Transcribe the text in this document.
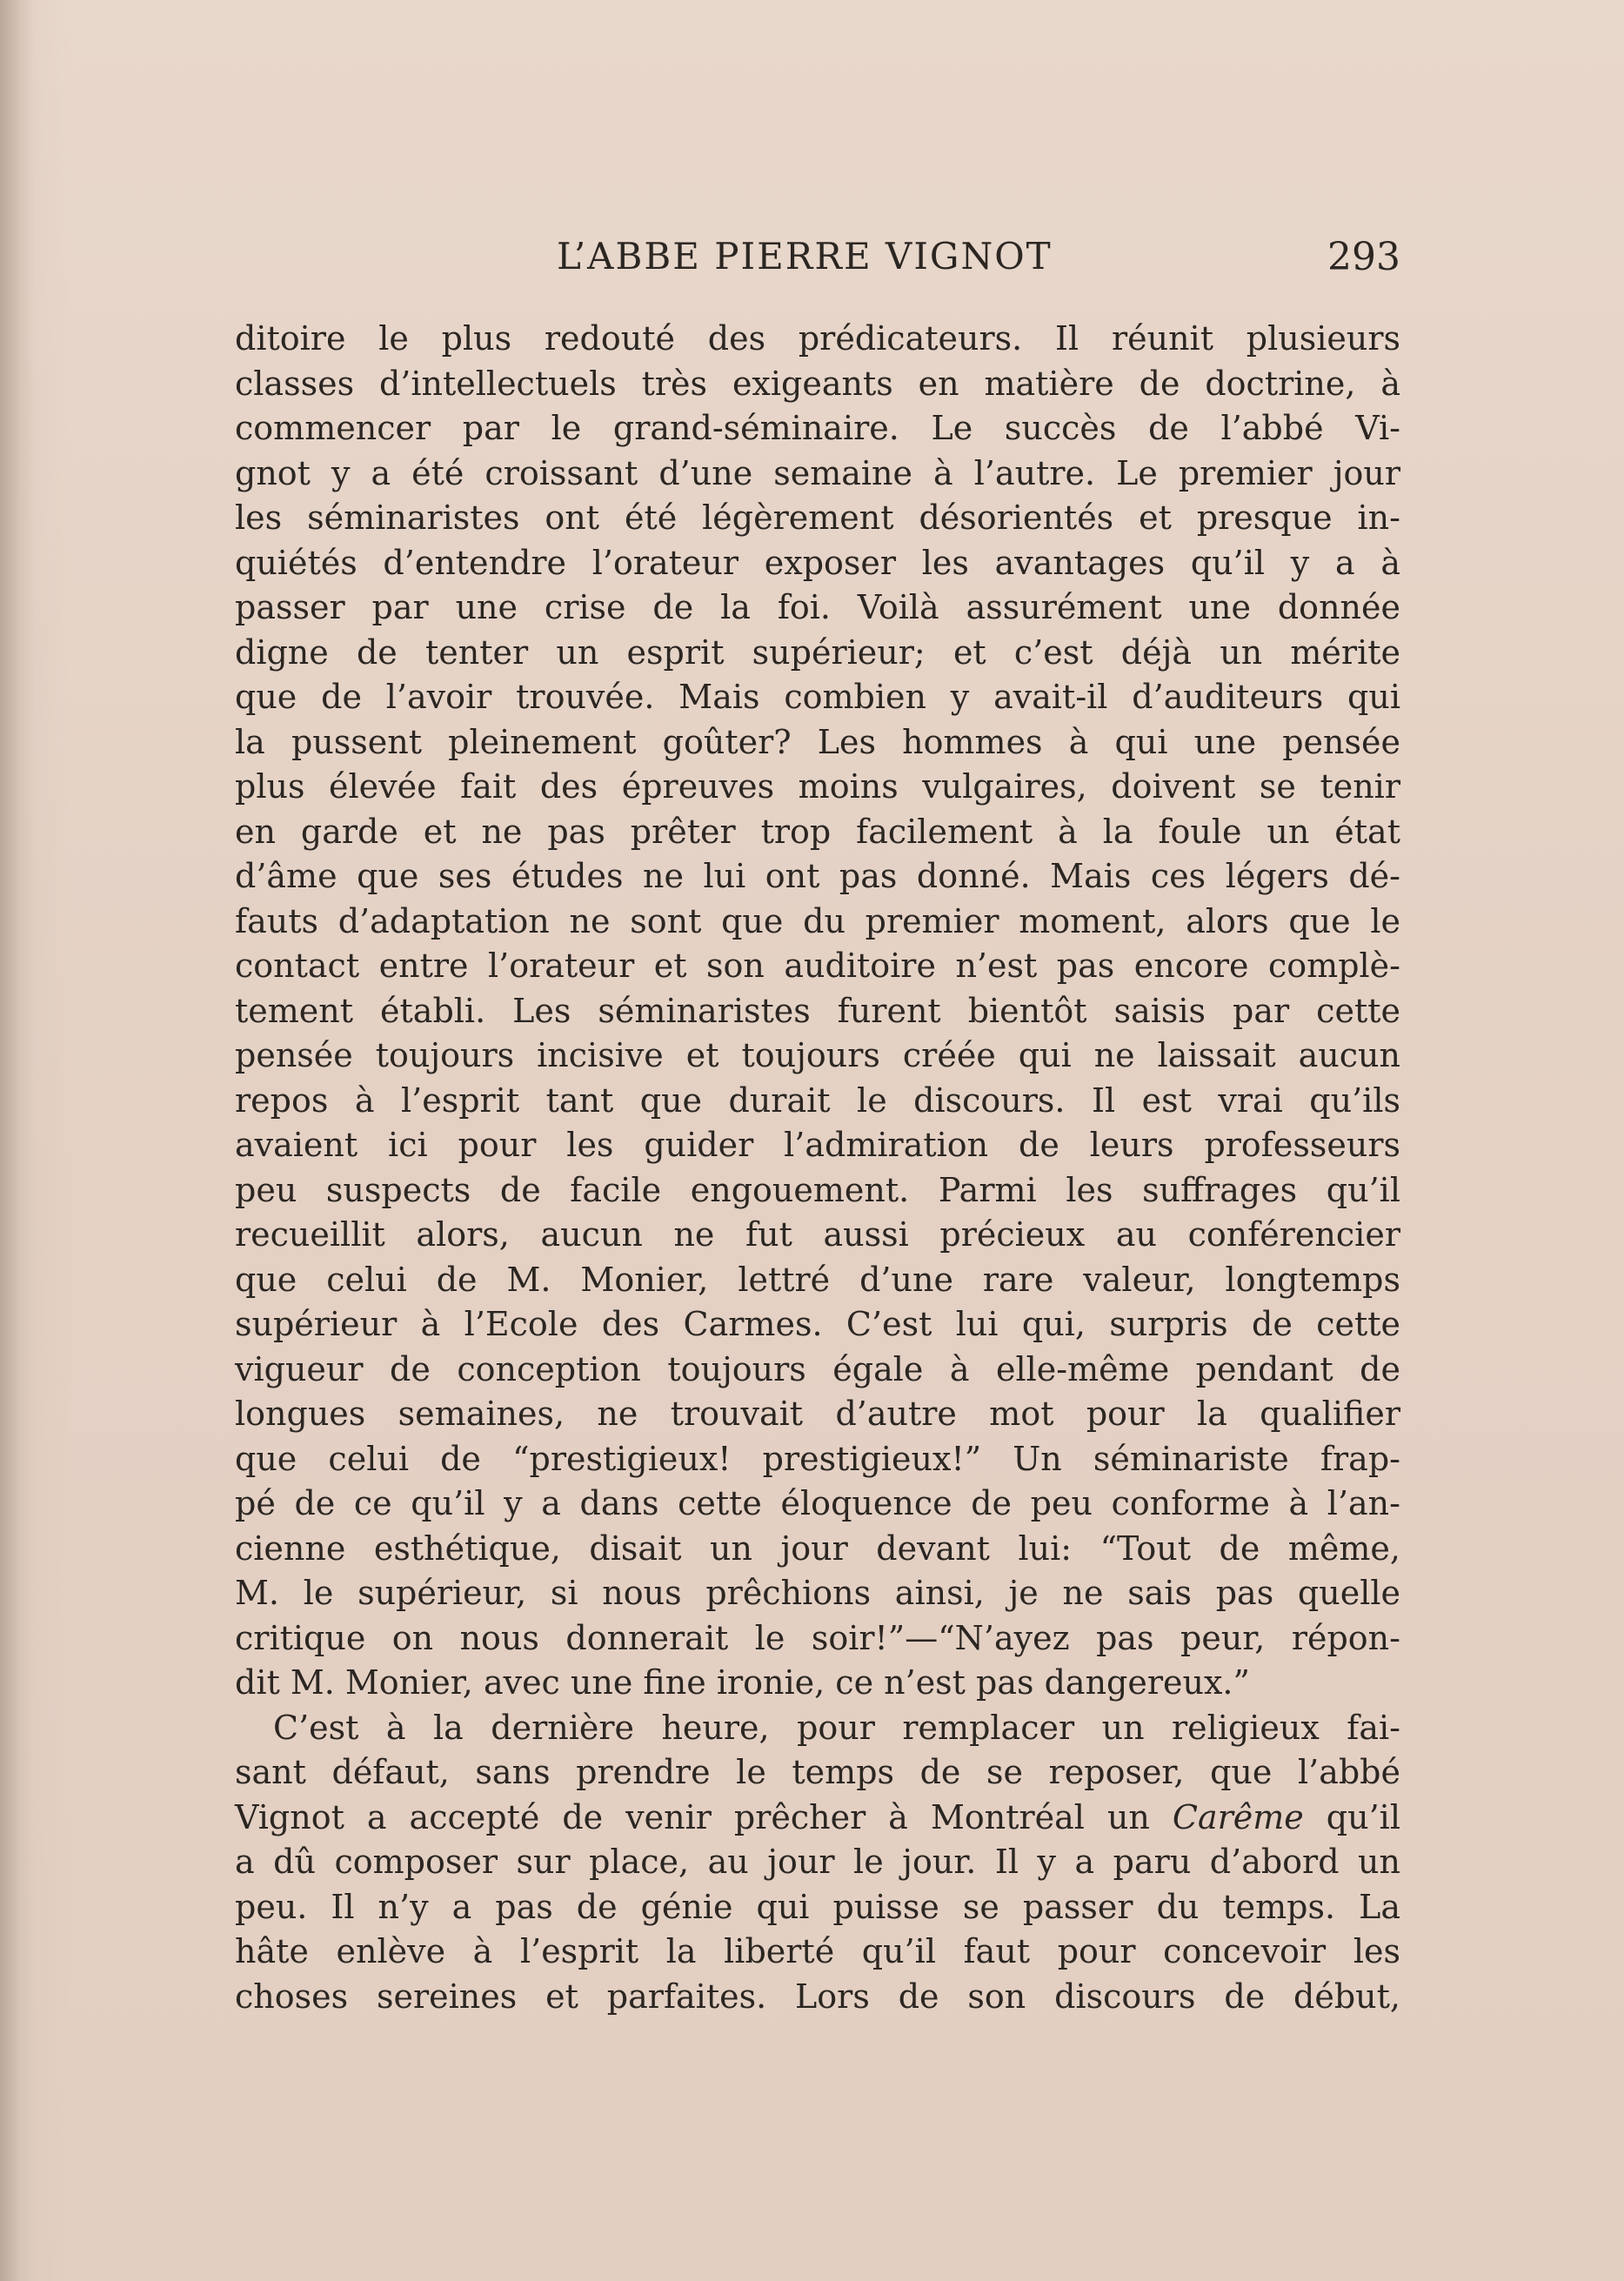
L’ABBE PIERRE VIGNOT	293
ditoire le plus redouté des prédicateurs. Il réunit plusieurs
classes d’intellectuels très exigeants en matière de doctrine, à
commencer par le grand-séminaire. Le succès de l’abbé Vi-
gnot y a été croissant d’une semaine à l’autre. Le premier jour
les séminaristes ont été légèrement désorientés et presque in-
quiétés d’entendre l’orateur exposer les avantages qu’il y a à
passer par une crise de la foi. Voilà assurément une donnée
digne de tenter un esprit supérieur; et c’est déjà un mérite
que de l’avoir trouvée. Mais combien y avait-il d’auditeurs qui
la pussent pleinement goûter? Les hommes à qui une pensée
plus élevée fait des épreuves moins vulgaires, doivent se tenir
en garde et ne pas prêter trop facilement à la foule un état
d’âme que ses études ne lui ont pas donné. Mais ces légers dé-
fauts d’adaptation ne sont que du premier moment, alors que le
contact entre l’orateur et son auditoire n’est pas encore complè-
tement établi. Les séminaristes furent bientôt saisis par cette
pensée toujours incisive et toujours créée qui ne laissait aucun
repos à l’esprit tant que durait le discours. Il est vrai qu’ils
avaient ici pour les guider l’admiration de leurs professeurs
peu suspects de facile engouement. Parmi les suffrages qu’il
recueillit alors, aucun ne fut aussi précieux au conférencier
que celui de M. Monier, lettré d’une rare valeur, longtemps
supérieur à l’Ecole des Carmes. C’est lui qui, surpris de cette
vigueur de conception toujours égale à elle-même pendant de
longues semaines, ne trouvait d’autre mot pour la qualifier
que celui de “prestigieux! prestigieux!” Un séminariste frap-
pé de ce qu’il y a dans cette éloquence de peu conforme à l’an-
cienne esthétique, disait un jour devant lui: “Tout de même,
M. le supérieur, si nous prêchions ainsi, je ne sais pas quelle
critique on nous donnerait le soir!”—“N’ayez pas peur, répon-
dit M. Monier, avec une fine ironie, ce n’est pas dangereux.”
C’est à la dernière heure, pour remplacer un religieux fai-
sant défaut, sans prendre le temps de se reposer, que l’abbé
Vignot a accepté de venir prêcher à Montréal un Carême qu’il
a dû composer sur place, au jour le jour. Il y a paru d’abord un
peu. Il n’y a pas de génie qui puisse se passer du temps. La
hâte enlève à l’esprit la liberté qu’il faut pour concevoir les
choses sereines et parfaites. Lors de son discours de début,
